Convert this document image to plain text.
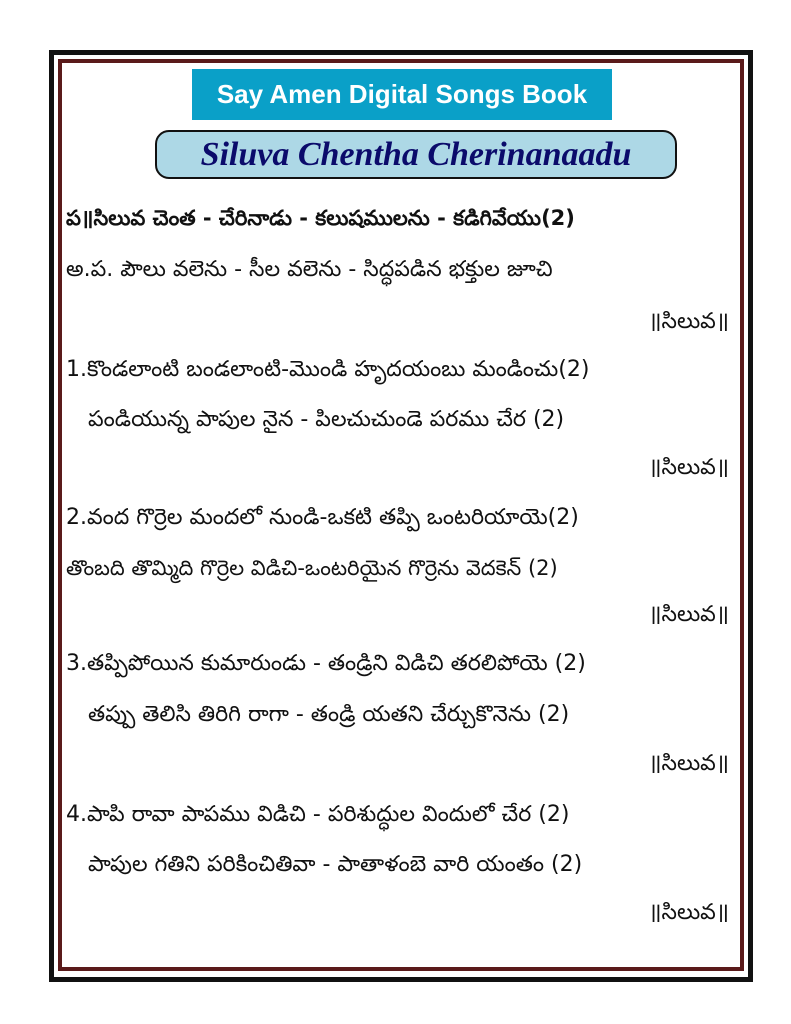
Say Amen Digital Songs Book
Siluva Chentha Cherinanaadu
ప॥సిలువ చెంత - చేరినాడు - కలుషములను - కడిగివేయు(2)
అ.ప. పౌలు వలెను - సీల వలెను - సిద్ధపడిన భక్తుల జూచి
॥సిలువ॥
1.కొండలాంటి బండలాంటి-మొండి హృదయంబు మండించు(2)
పండియున్న పాపుల నైన - పిలచుచుండె పరము చేర (2)
॥సిలువ॥
2.వంద గొర్రెల మందలో నుండి-ఒకటి తప్పి ఒంటరియాయె(2)
తొంబది తొమ్మిది గొర్రెల విడిచి-ఒంటరియైన గొర్రెను వెదకెన్ (2)
॥సిలువ॥
3.తప్పిపోయిన కుమారుండు - తండ్రిని విడిచి తరలిపోయె (2)
తప్పు తెలిసి తిరిగి రాగా - తండ్రి యతని చేర్చుకొనెను (2)
॥సిలువ॥
4.పాపి రావా పాపము విడిచి - పరిశుద్ధుల విందులో చేర (2)
పాపుల గతిని పరికించితివా - పాతాళంబె వారి యంతం (2)
॥సిలువ॥
